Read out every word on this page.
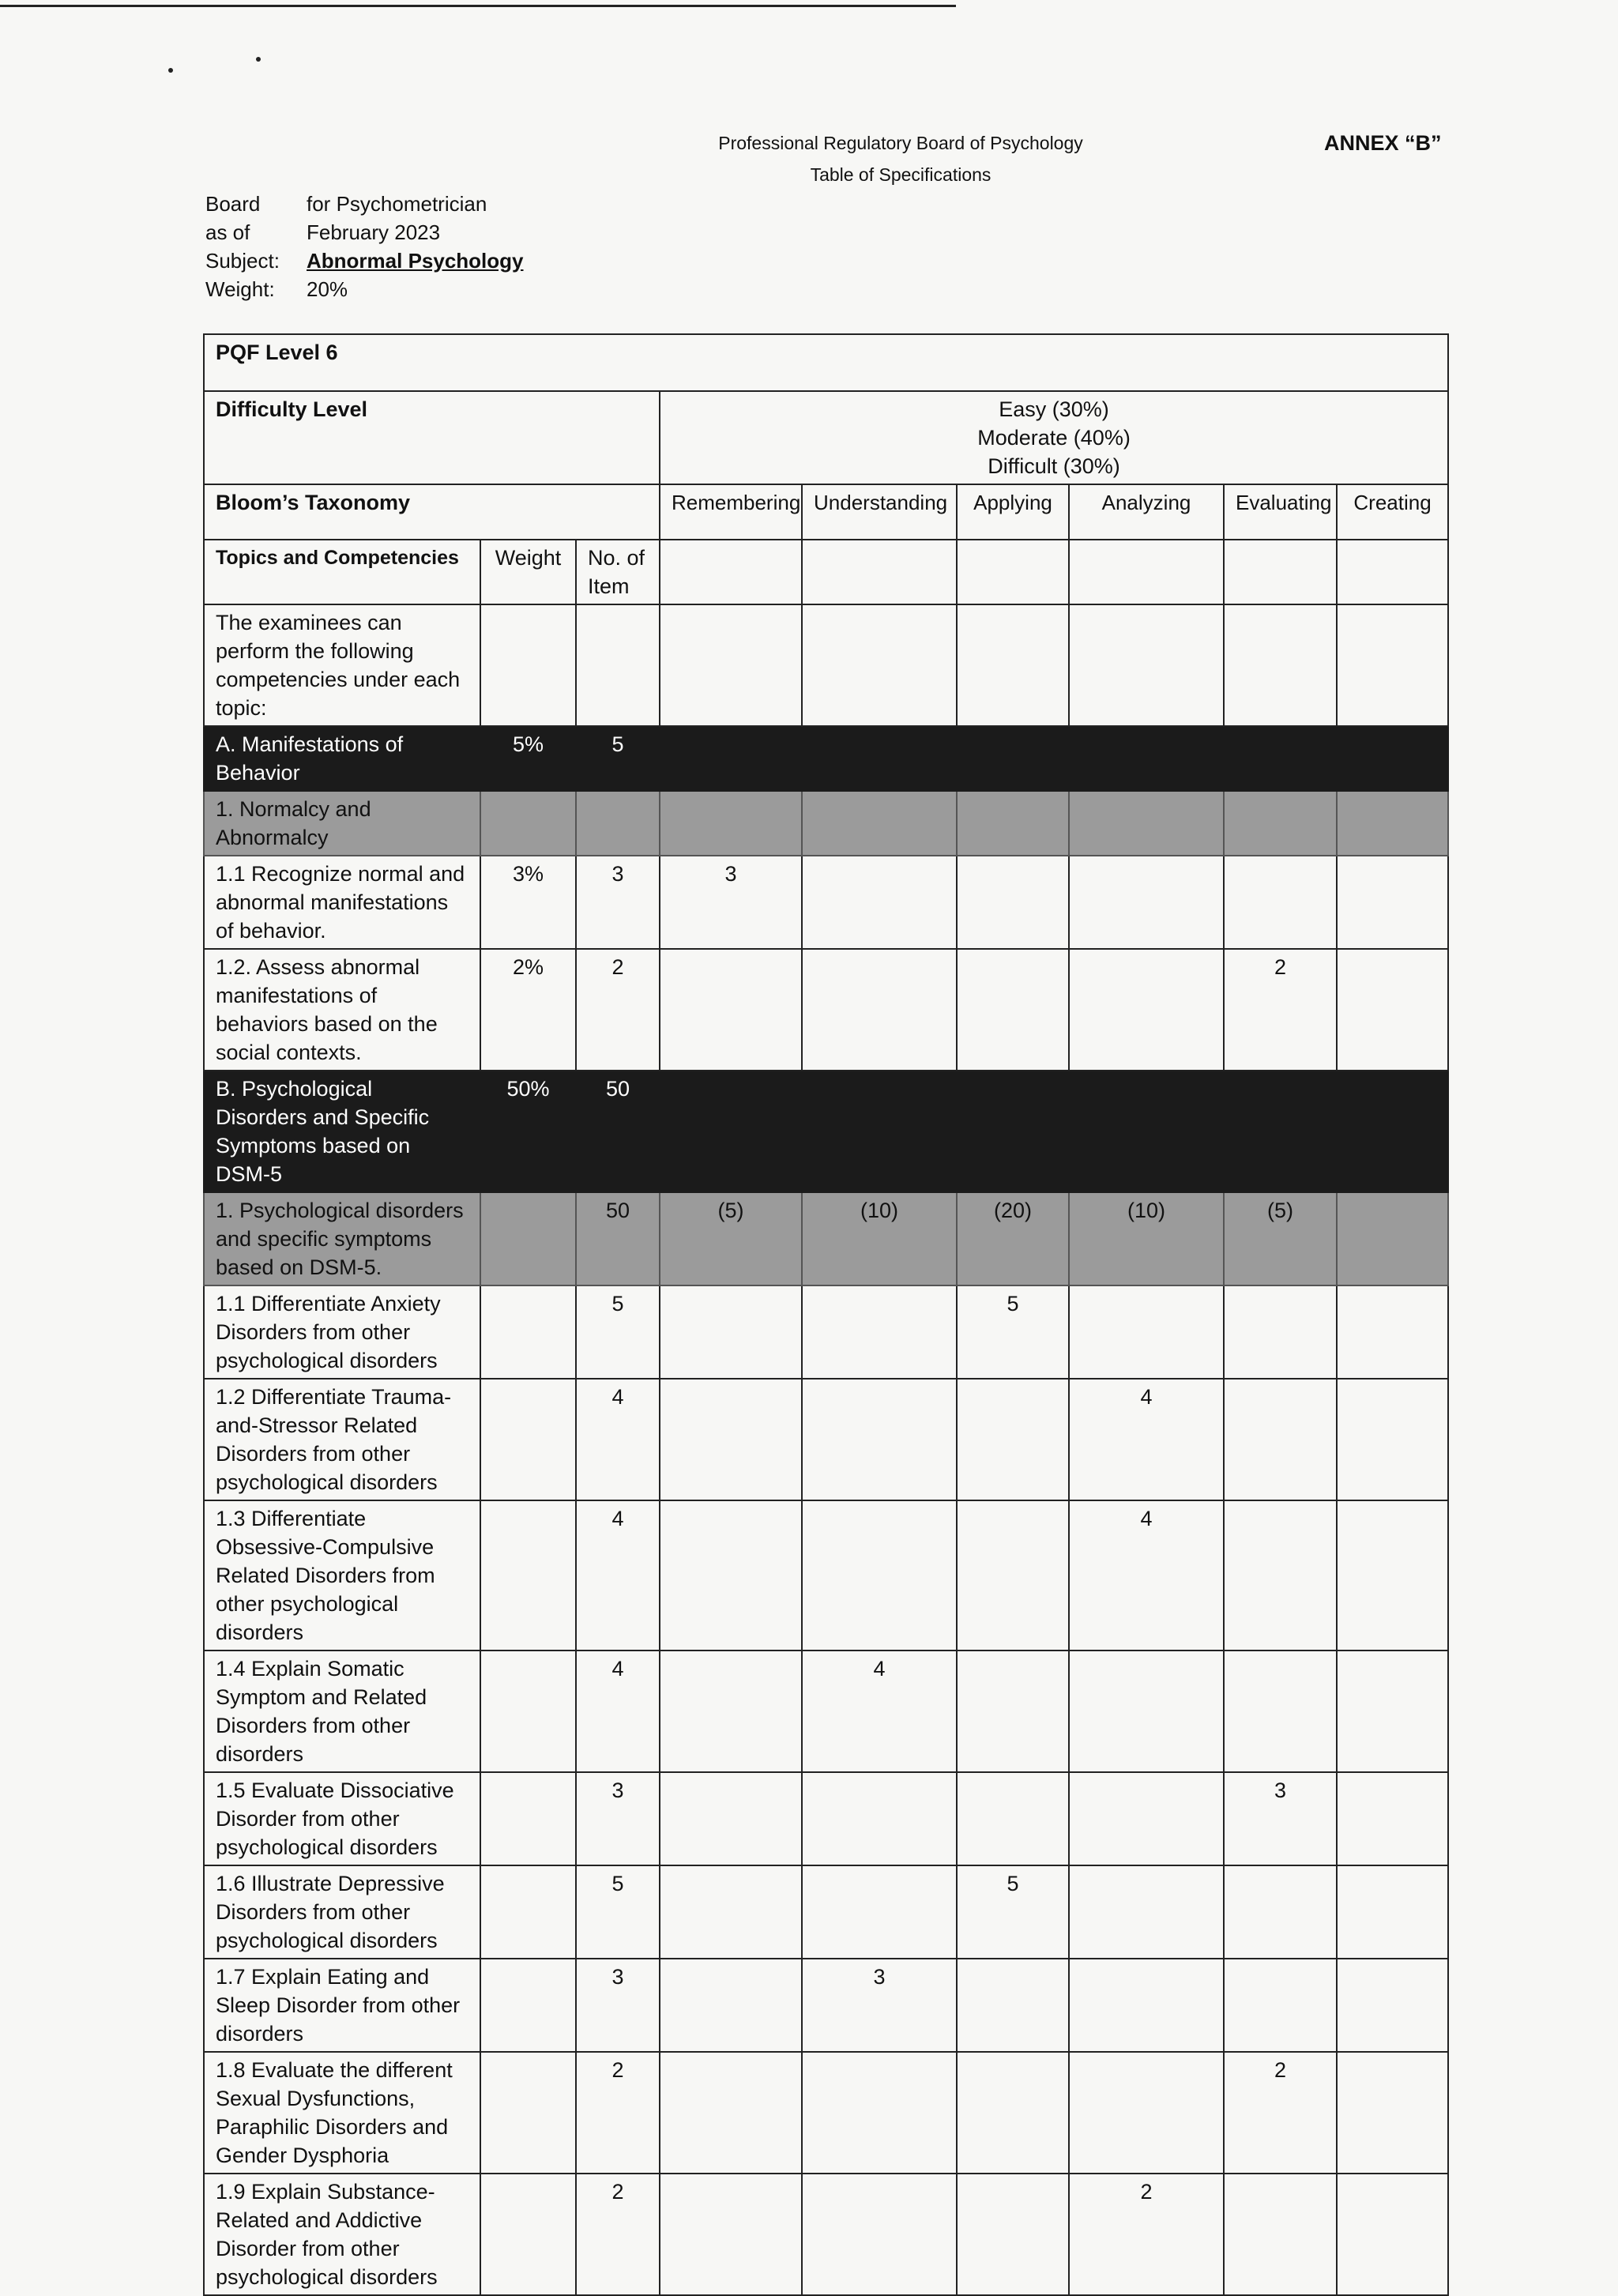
Professional Regulatory Board of Psychology
Table of Specifications
ANNEX “B”
Board	for Psychometrician
as of	February 2023
Subject:	Abnormal Psychology
Weight:	20%
PQF Level 6								
Difficulty Level			Easy (30%)
Moderate (40%)
Difficult (30%)					

Bloom’s Taxonomy			Remembering	Understanding	Applying	Analyzing	Evaluating	Creating
Topics and Competencies	Weight	No. of Item						
The examinees can perform the following competencies under each topic:								
A. Manifestations of Behavior	5%	5						
1. Normalcy and Abnormalcy								
1.1 Recognize normal and abnormal manifestations of behavior.	3%	3	3					
1.2. Assess abnormal manifestations of behaviors based on the social contexts.	2%	2					2	
B. Psychological Disorders and Specific Symptoms based on DSM-5	50%	50						
1. Psychological disorders and specific symptoms based on DSM-5.		50	(5)	(10)	(20)	(10)	(5)	
1.1 Differentiate Anxiety Disorders from other psychological disorders		5			5			
1.2 Differentiate Trauma-and-Stressor Related Disorders from other psychological disorders		4				4		
1.3 Differentiate Obsessive-Compulsive Related Disorders from other psychological disorders		4				4		
1.4 Explain Somatic Symptom and Related Disorders from other disorders		4		4				
1.5 Evaluate Dissociative Disorder from other psychological disorders		3					3	
1.6 Illustrate Depressive Disorders from other psychological disorders		5			5			
1.7 Explain Eating and Sleep Disorder from other disorders		3		3				
1.8 Evaluate the different Sexual Dysfunctions, Paraphilic Disorders and Gender Dysphoria		2					2	
1.9 Explain Substance-Related and Addictive Disorder from other psychological disorders		2				2		
